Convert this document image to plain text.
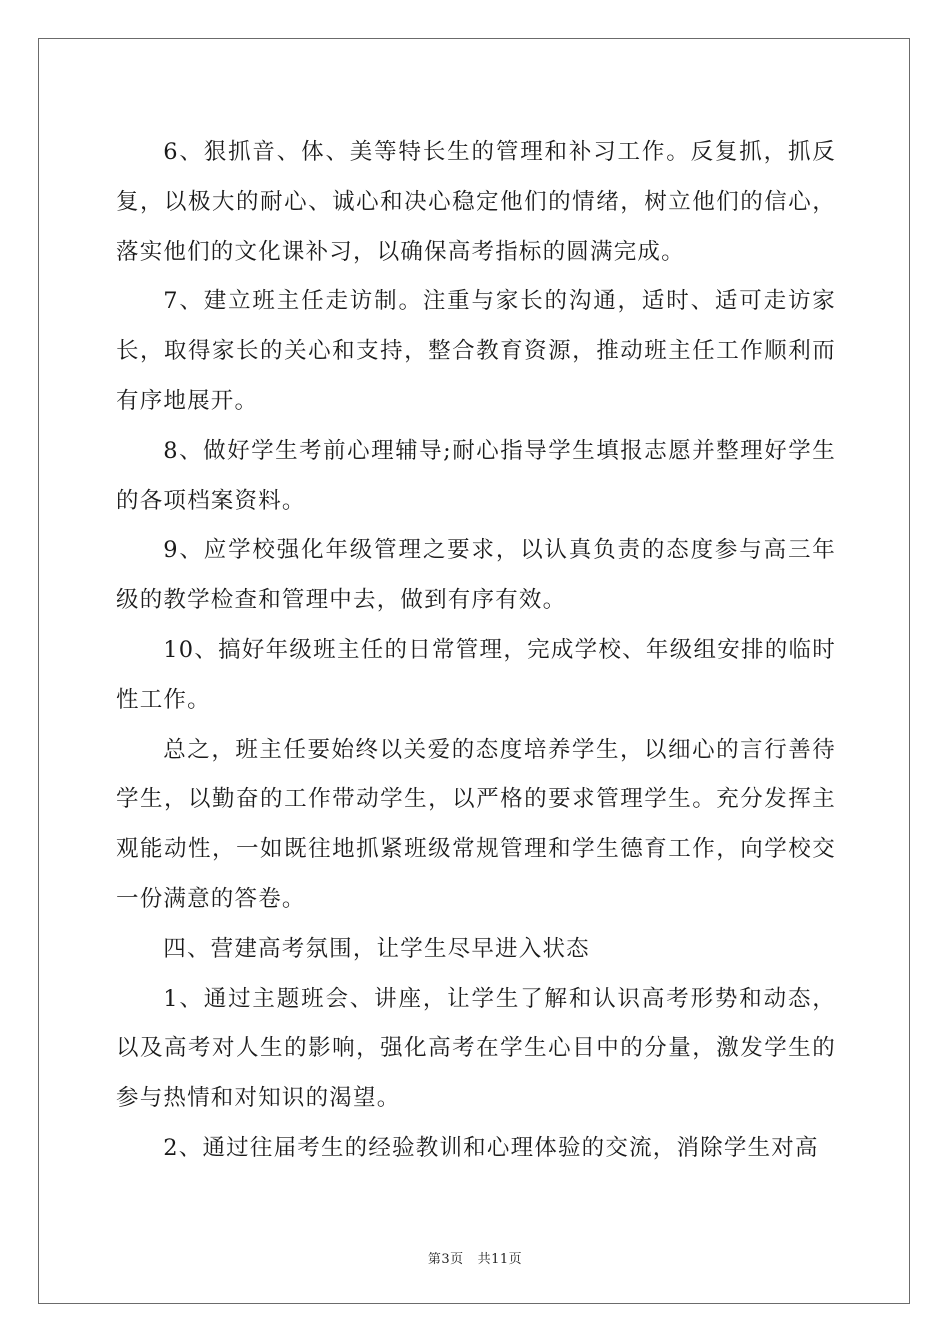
6、狠抓音、体、美等特长生的管理和补习工作。反复抓，抓反复，以极大的耐心、诚心和决心稳定他们的情绪，树立他们的信心，落实他们的文化课补习，以确保高考指标的圆满完成。

7、建立班主任走访制。注重与家长的沟通，适时、适可走访家长，取得家长的关心和支持，整合教育资源，推动班主任工作顺利而有序地展开。

8、做好学生考前心理辅导;耐心指导学生填报志愿并整理好学生的各项档案资料。

9、应学校强化年级管理之要求，以认真负责的态度参与高三年级的教学检查和管理中去，做到有序有效。

10、搞好年级班主任的日常管理，完成学校、年级组安排的临时性工作。

总之，班主任要始终以关爱的态度培养学生，以细心的言行善待学生，以勤奋的工作带动学生，以严格的要求管理学生。充分发挥主观能动性，一如既往地抓紧班级常规管理和学生德育工作，向学校交一份满意的答卷。

四、营建高考氛围，让学生尽早进入状态

1、通过主题班会、讲座，让学生了解和认识高考形势和动态，以及高考对人生的影响，强化高考在学生心目中的分量，激发学生的参与热情和对知识的渴望。

2、通过往届考生的经验教训和心理体验的交流，消除学生对高

第3页 共11页
